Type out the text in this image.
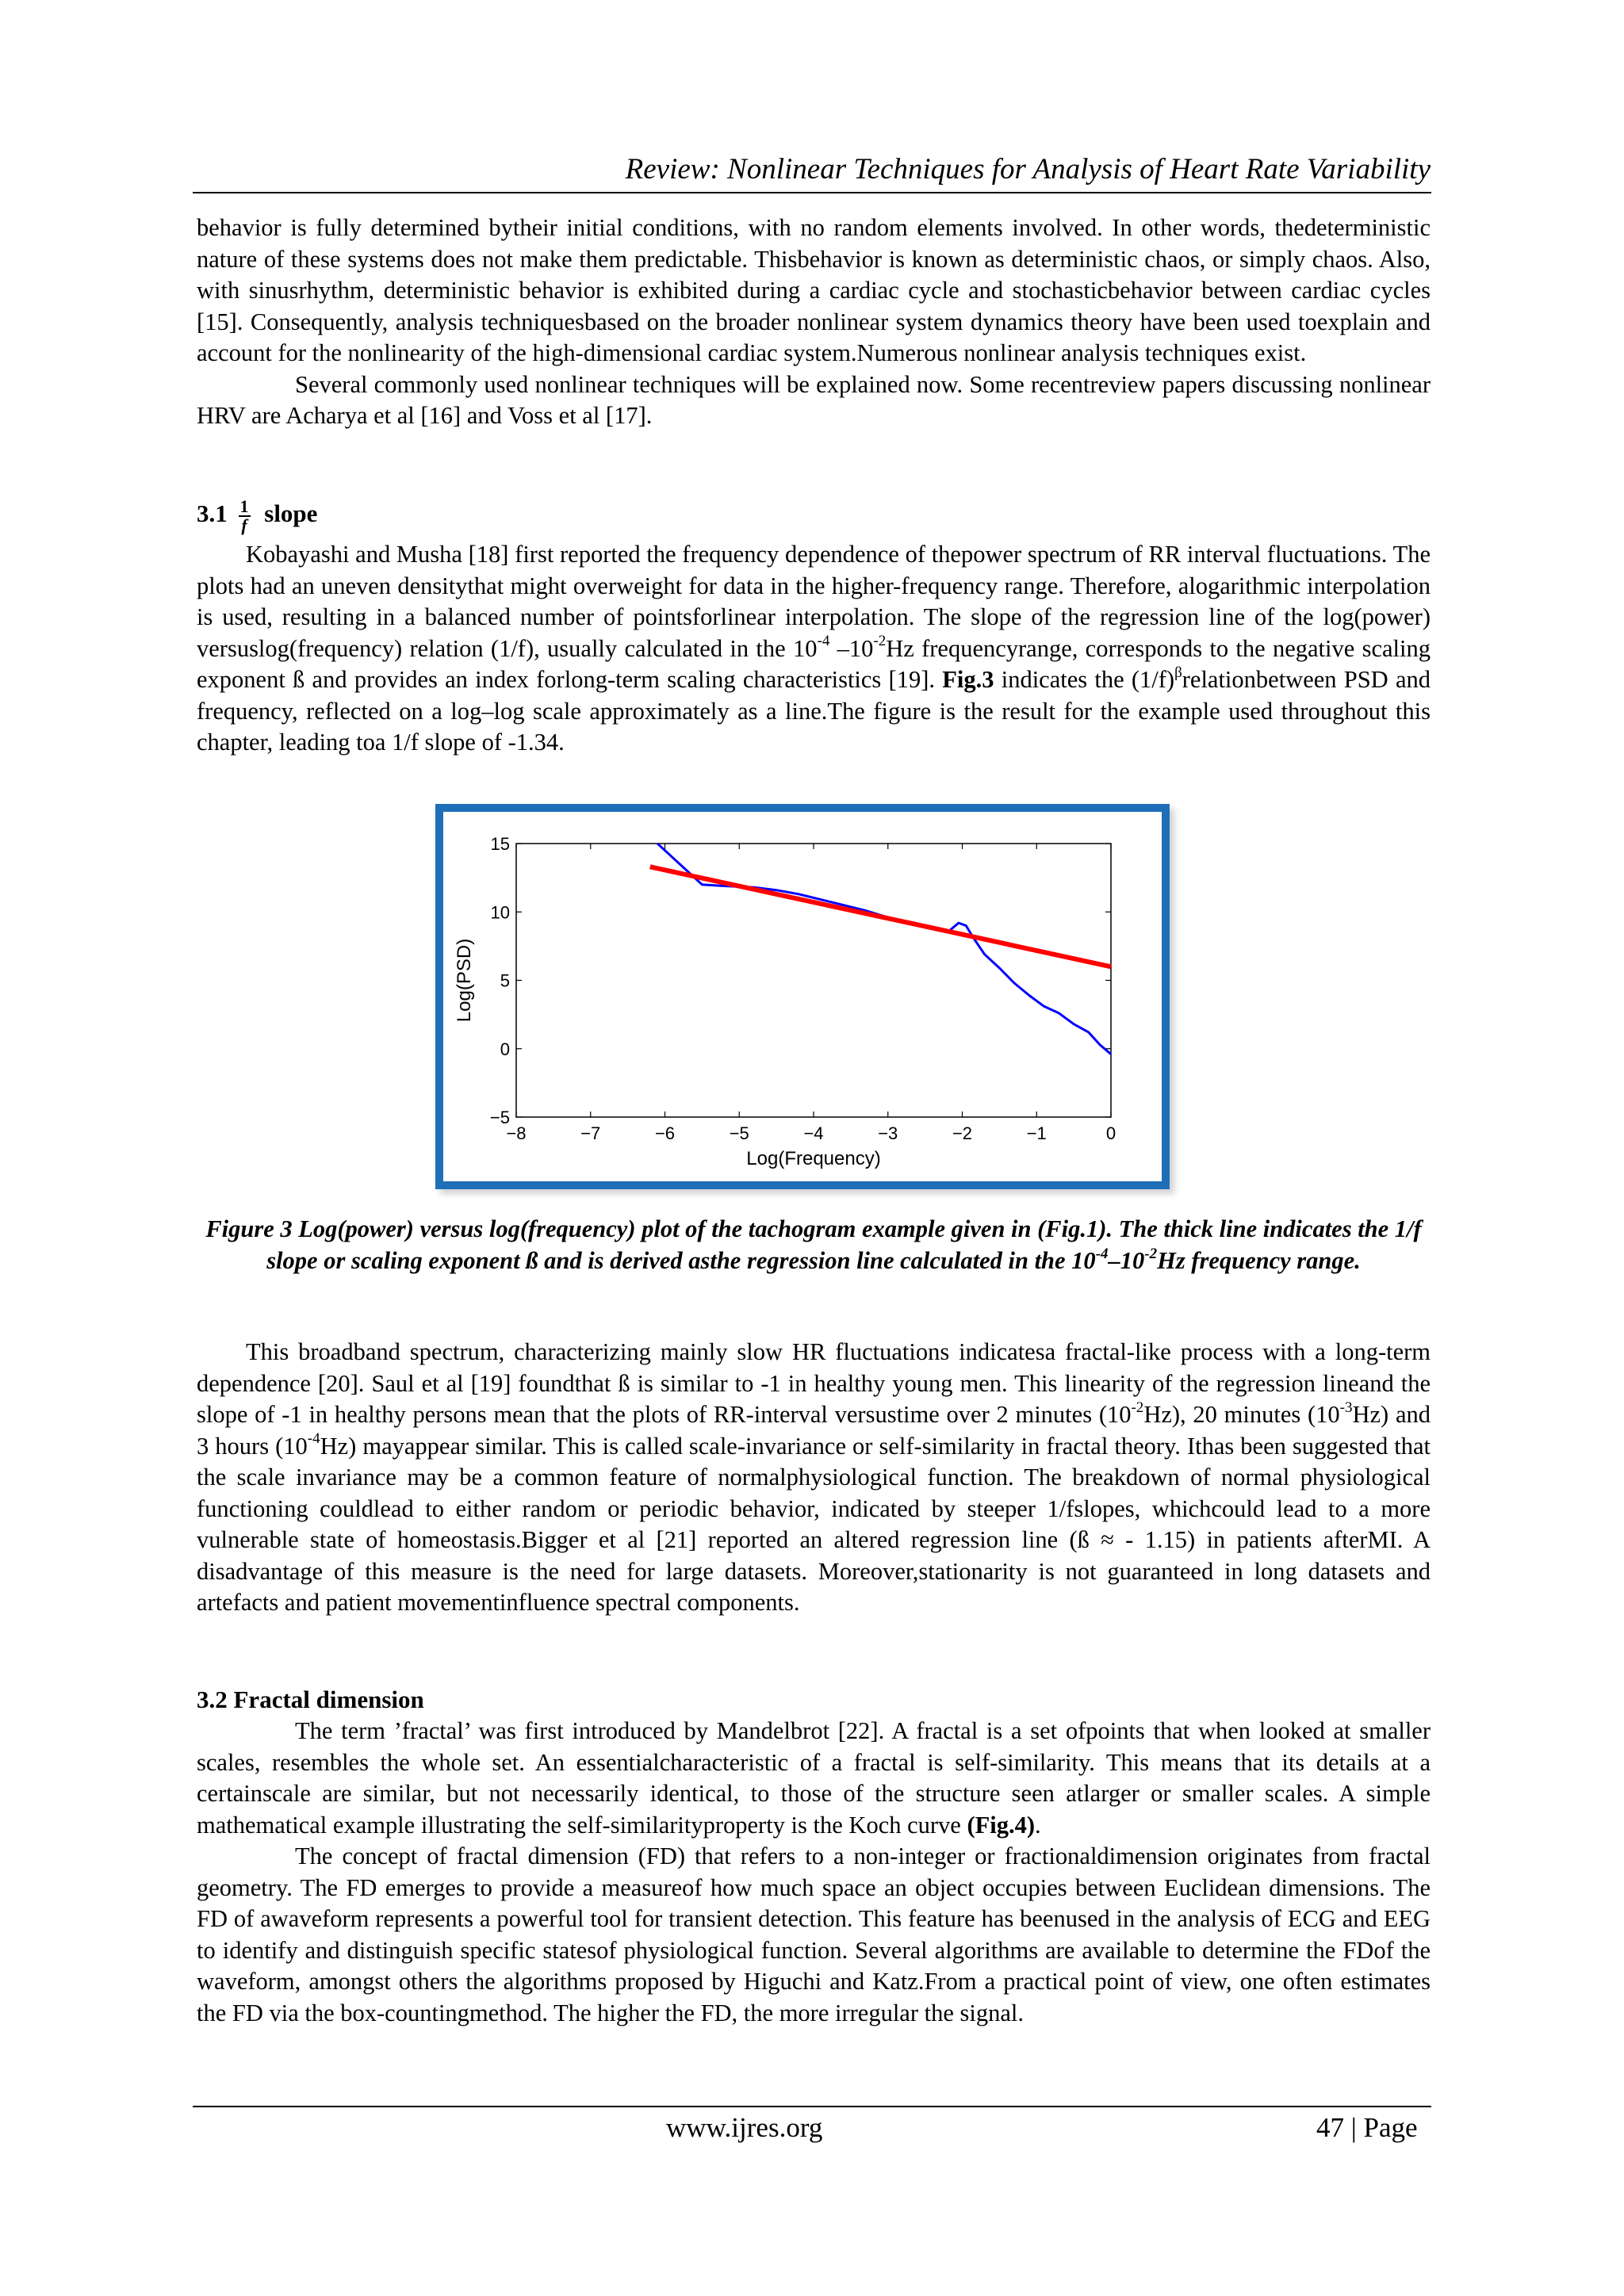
Review: Nonlinear Techniques for Analysis of Heart Rate Variability

behavior is fully determined bytheir initial conditions, with no random elements involved. In other words, thedeterministic nature of these systems does not make them predictable. Thisbehavior is known as deterministic chaos, or simply chaos. Also, with sinusrhythm, deterministic behavior is exhibited during a cardiac cycle and stochasticbehavior between cardiac cycles [15]. Consequently, analysis techniquesbased on the broader nonlinear system dynamics theory have been used toexplain and account for the nonlinearity of the high-dimensional cardiac system.Numerous nonlinear analysis techniques exist.

Several commonly used nonlinear techniques will be explained now. Some recentreview papers discussing nonlinear HRV are Acharya et al [16] and Voss et al [17].

$3.1 \frac{1}{f}$ slope

Kobayashi and Musha [18] first reported the frequency dependence of thepower spectrum of RR interval fluctuations. The plots had an uneven densitythat might overweight for data in the higher-frequency range. Therefore, alogarithmic interpolation is used, resulting in a balanced number of pointsforlinear interpolation. The slope of the regression line of the log(power) versuslog(frequency) relation (1/f), usually calculated in the $10^{-4}$ $-10^{-2}Hz$ frequencyrange, corresponds to the negative scaling exponent ß and provides an index forlong-term scaling characteristics [19]. Fig.3 indicates the $(1/f)^\beta relationbetween$ PSD and frequency, reflected on a log–log scale approximately as a line.The figure is the result for the example used throughout this chapter, leading toa 1/f slope of -1.34.

−8	−7	−6	−5	−4	−3	−2	−1	0
15
10
5
0
−5
Log(Frequency)
Log(PSD)
Figure 3 Log(power) versus log(frequency) plot of the tachogram example given in (Fig.1). The thick line indicates the 1/f slope or scaling exponent ß and is derived asthe regression line calculated in the $10^{-4}-10^{-2}Hz$ frequency range.

This broadband spectrum, characterizing mainly slow HR fluctuations indicatesa fractal-like process with a long-term dependence [20]. Saul et al [19] foundthat ß is similar to -1 in healthy young men. This linearity of the regression lineand the slope of -1 in healthy persons mean that the plots of RR-interval versustime over 2 minutes $(10^{-2}Hz)$, 20 minutes $(10^{-3}Hz)$ and 3 hours $(10^{-4}Hz)$ mayappear similar. This is called scale-invariance or self-similarity in fractal theory. Ithas been suggested that the scale invariance may be a common feature of normalphysiological function. The breakdown of normal physiological functioning couldlead to either random or periodic behavior, indicated by steeper 1/fslopes, whichcould lead to a more vulnerable state of homeostasis.Bigger et al [21] reported an altered regression line (ß ≈ - 1.15) in patients afterMI. A disadvantage of this measure is the need for large datasets. Moreover,stationarity is not guaranteed in long datasets and artefacts and patient movementinfluence spectral components.

3.2 Fractal dimension

The term ’fractal’ was first introduced by Mandelbrot [22]. A fractal is a set ofpoints that when looked at smaller scales, resembles the whole set. An essentialcharacteristic of a fractal is self-similarity. This means that its details at a certainscale are similar, but not necessarily identical, to those of the structure seen atlarger or smaller scales. A simple mathematical example illustrating the self-similarityproperty is the Koch curve (Fig.4).

The concept of fractal dimension (FD) that refers to a non-integer or fractionaldimension originates from fractal geometry. The FD emerges to provide a measureof how much space an object occupies between Euclidean dimensions. The FD of awaveform represents a powerful tool for transient detection. This feature has beenused in the analysis of ECG and EEG to identify and distinguish specific statesof physiological function. Several algorithms are available to determine the FDof the waveform, amongst others the algorithms proposed by Higuchi and Katz.From a practical point of view, one often estimates the FD via the box-countingmethod. The higher the FD, the more irregular the signal.

www.ijres.org	47 | Page
